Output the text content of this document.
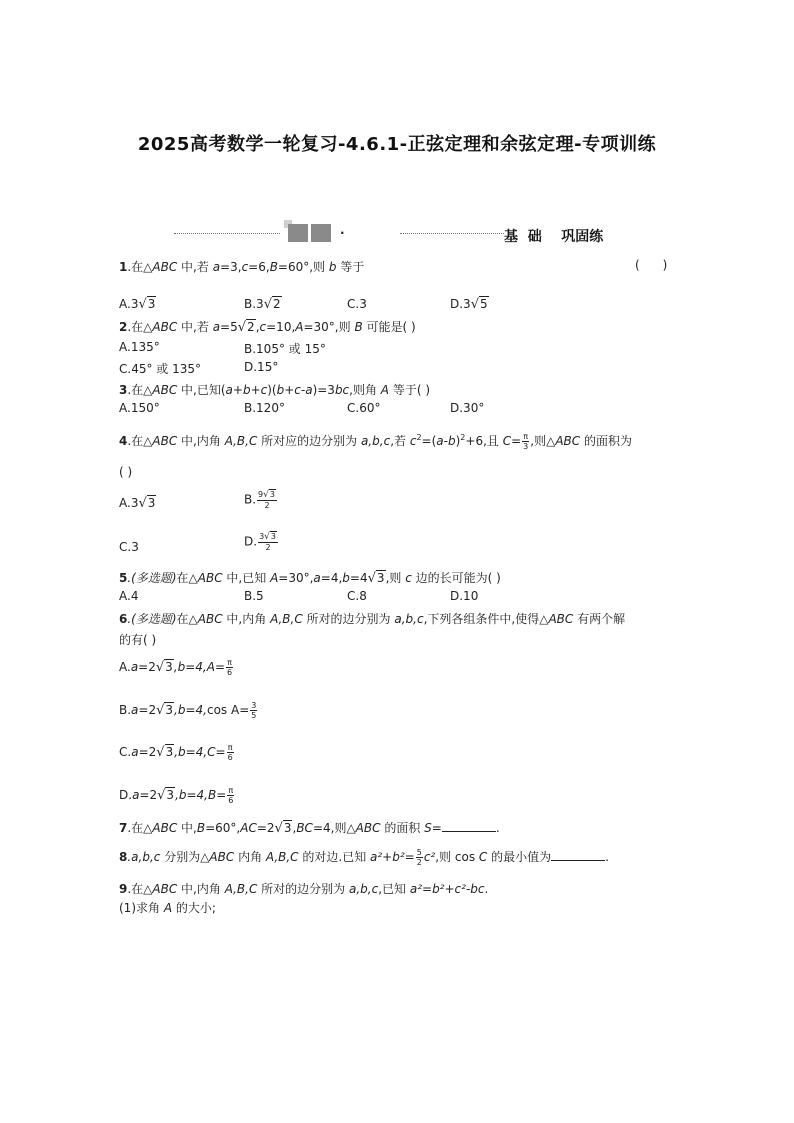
2025高考数学一轮复习-4.6.1-正弦定理和余弦定理-专项训练
·	基  础    巩固练
1.在△ABC 中,若 a=3,c=6,B=60°,则 b 等于	(      )
A.3√3	B.3√2	C.3	D.3√5
2.在△ABC 中,若 a=5√2,c=10,A=30°,则 B 可能是( )
A.135°	B.105° 或 15°
C.45° 或 135°	D.15°
3.在△ABC 中,已知(a+b+c)(b+c-a)=3bc,则角 A 等于( )
A.150°	B.120°	C.60°	D.30°
4.在△ABC 中,内角 A,B,C 所对应的边分别为 a,b,c,若 $c^2=(a-b)^2+6$,且 $C= \frac{\pi}{3}$ ,则△ABC 的面积为
( )
A.3√3	B. $\frac{9√3}{2}$
C.3	D. $\frac{3√3}{2}$
5.(多选题)在△ABC 中,已知 A=30°,a=4,b=4√3,则 c 边的长可能为( )
A.4	B.5	C.8	D.10
6.(多选题)在△ABC 中,内角 A,B,C 所对的边分别为 a,b,c,下列各组条件中,使得△ABC 有两个解
的有( )
$A.a=2√3,b=4,A= \frac{\pi}{6}$
B.a=2√3,b=4,cos $A= \frac{3}{5}$
$C.a=2√3,b=4,C= \frac{\pi}{6}$
$D.a=2√3,b=4,B= \frac{\pi}{6}$
7.在△ABC 中,B=60°,AC=2√3,BC=4,则△ABC 的面积 S=	.
8.a,b,c 分别为△ABC 内角 A,B,C 的对边.已知 $a^2+b^2= \frac{5}{2} c^2$,则 cos C 的最小值为	.
9.在△ABC 中,内角 A,B,C 所对的边分别为 a,b,c,已知 a²=b²+c²-bc.
(1)求角 A 的大小;
